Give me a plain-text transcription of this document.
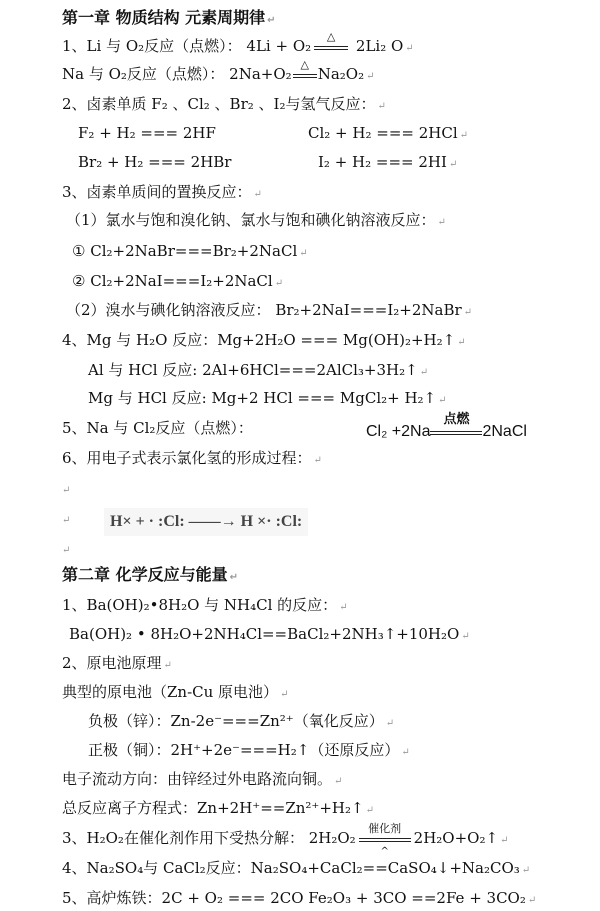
第一章 物质结构 元素周期律 ↵
1、Li 与 O₂反应（点燃）： 4Li + O₂
△
2Li₂ O ↵
Na 与 O₂反应（点燃）： 2Na+O₂
△
Na₂O₂ ↵
2、卤素单质 F₂ 、Cl₂ 、Br₂ 、I₂与氢气反应： ↵
F₂ + H₂ === 2HF	Cl₂ + H₂ === 2HCl ↵
Br₂ + H₂ === 2HBr	I₂ + H₂ === 2HI ↵
3、卤素单质间的置换反应： ↵
（1）氯水与饱和溴化钠、氯水与饱和碘化钠溶液反应： ↵
① Cl₂+2NaBr===Br₂+2NaCl ↵
② Cl₂+2NaI===I₂+2NaCl ↵
（2）溴水与碘化钠溶液反应： Br₂+2NaI===I₂+2NaBr ↵
4、Mg 与 H₂O 反应：Mg+2H₂O === Mg(OH)₂+H₂↑ ↵
Al 与 HCl 反应: 2Al+6HCl===2AlCl₃+3H₂↑ ↵
Mg 与 HCl 反应: Mg+2 HCl === MgCl₂+ H₂↑ ↵
5、Na 与 Cl₂反应（点燃）：	Cl₂ +2Na
点燃
2NaCl
6、用电子式表示氯化氢的形成过程： ↵
↵
↵
H× + · :Cl: ——→ H ×· :Cl:
↵
第二章 化学反应与能量 ↵
1、Ba(OH)₂•8H₂O 与 NH₄Cl 的反应： ↵
Ba(OH)₂ • 8H₂O+2NH₄Cl==BaCl₂+2NH₃↑+10H₂O ↵
2、原电池原理 ↵
典型的原电池（Zn-Cu 原电池） ↵
负极（锌）：Zn-2e⁻===Zn²⁺（氧化反应） ↵
正极（铜）：2H⁺+2e⁻===H₂↑（还原反应） ↵
电子流动方向：由锌经过外电路流向铜。 ↵
总反应离子方程式：Zn+2H⁺==Zn²⁺+H₂↑ ↵
3、H₂O₂在催化剂作用下受热分解： 2H₂O₂
催化剂
^
2H₂O+O₂↑ ↵
4、Na₂SO₄与 CaCl₂反应：Na₂SO₄+CaCl₂==CaSO₄↓+Na₂CO₃ ↵
5、高炉炼铁：2C + O₂ === 2CO Fe₂O₃ + 3CO ==2Fe + 3CO₂ ↵
